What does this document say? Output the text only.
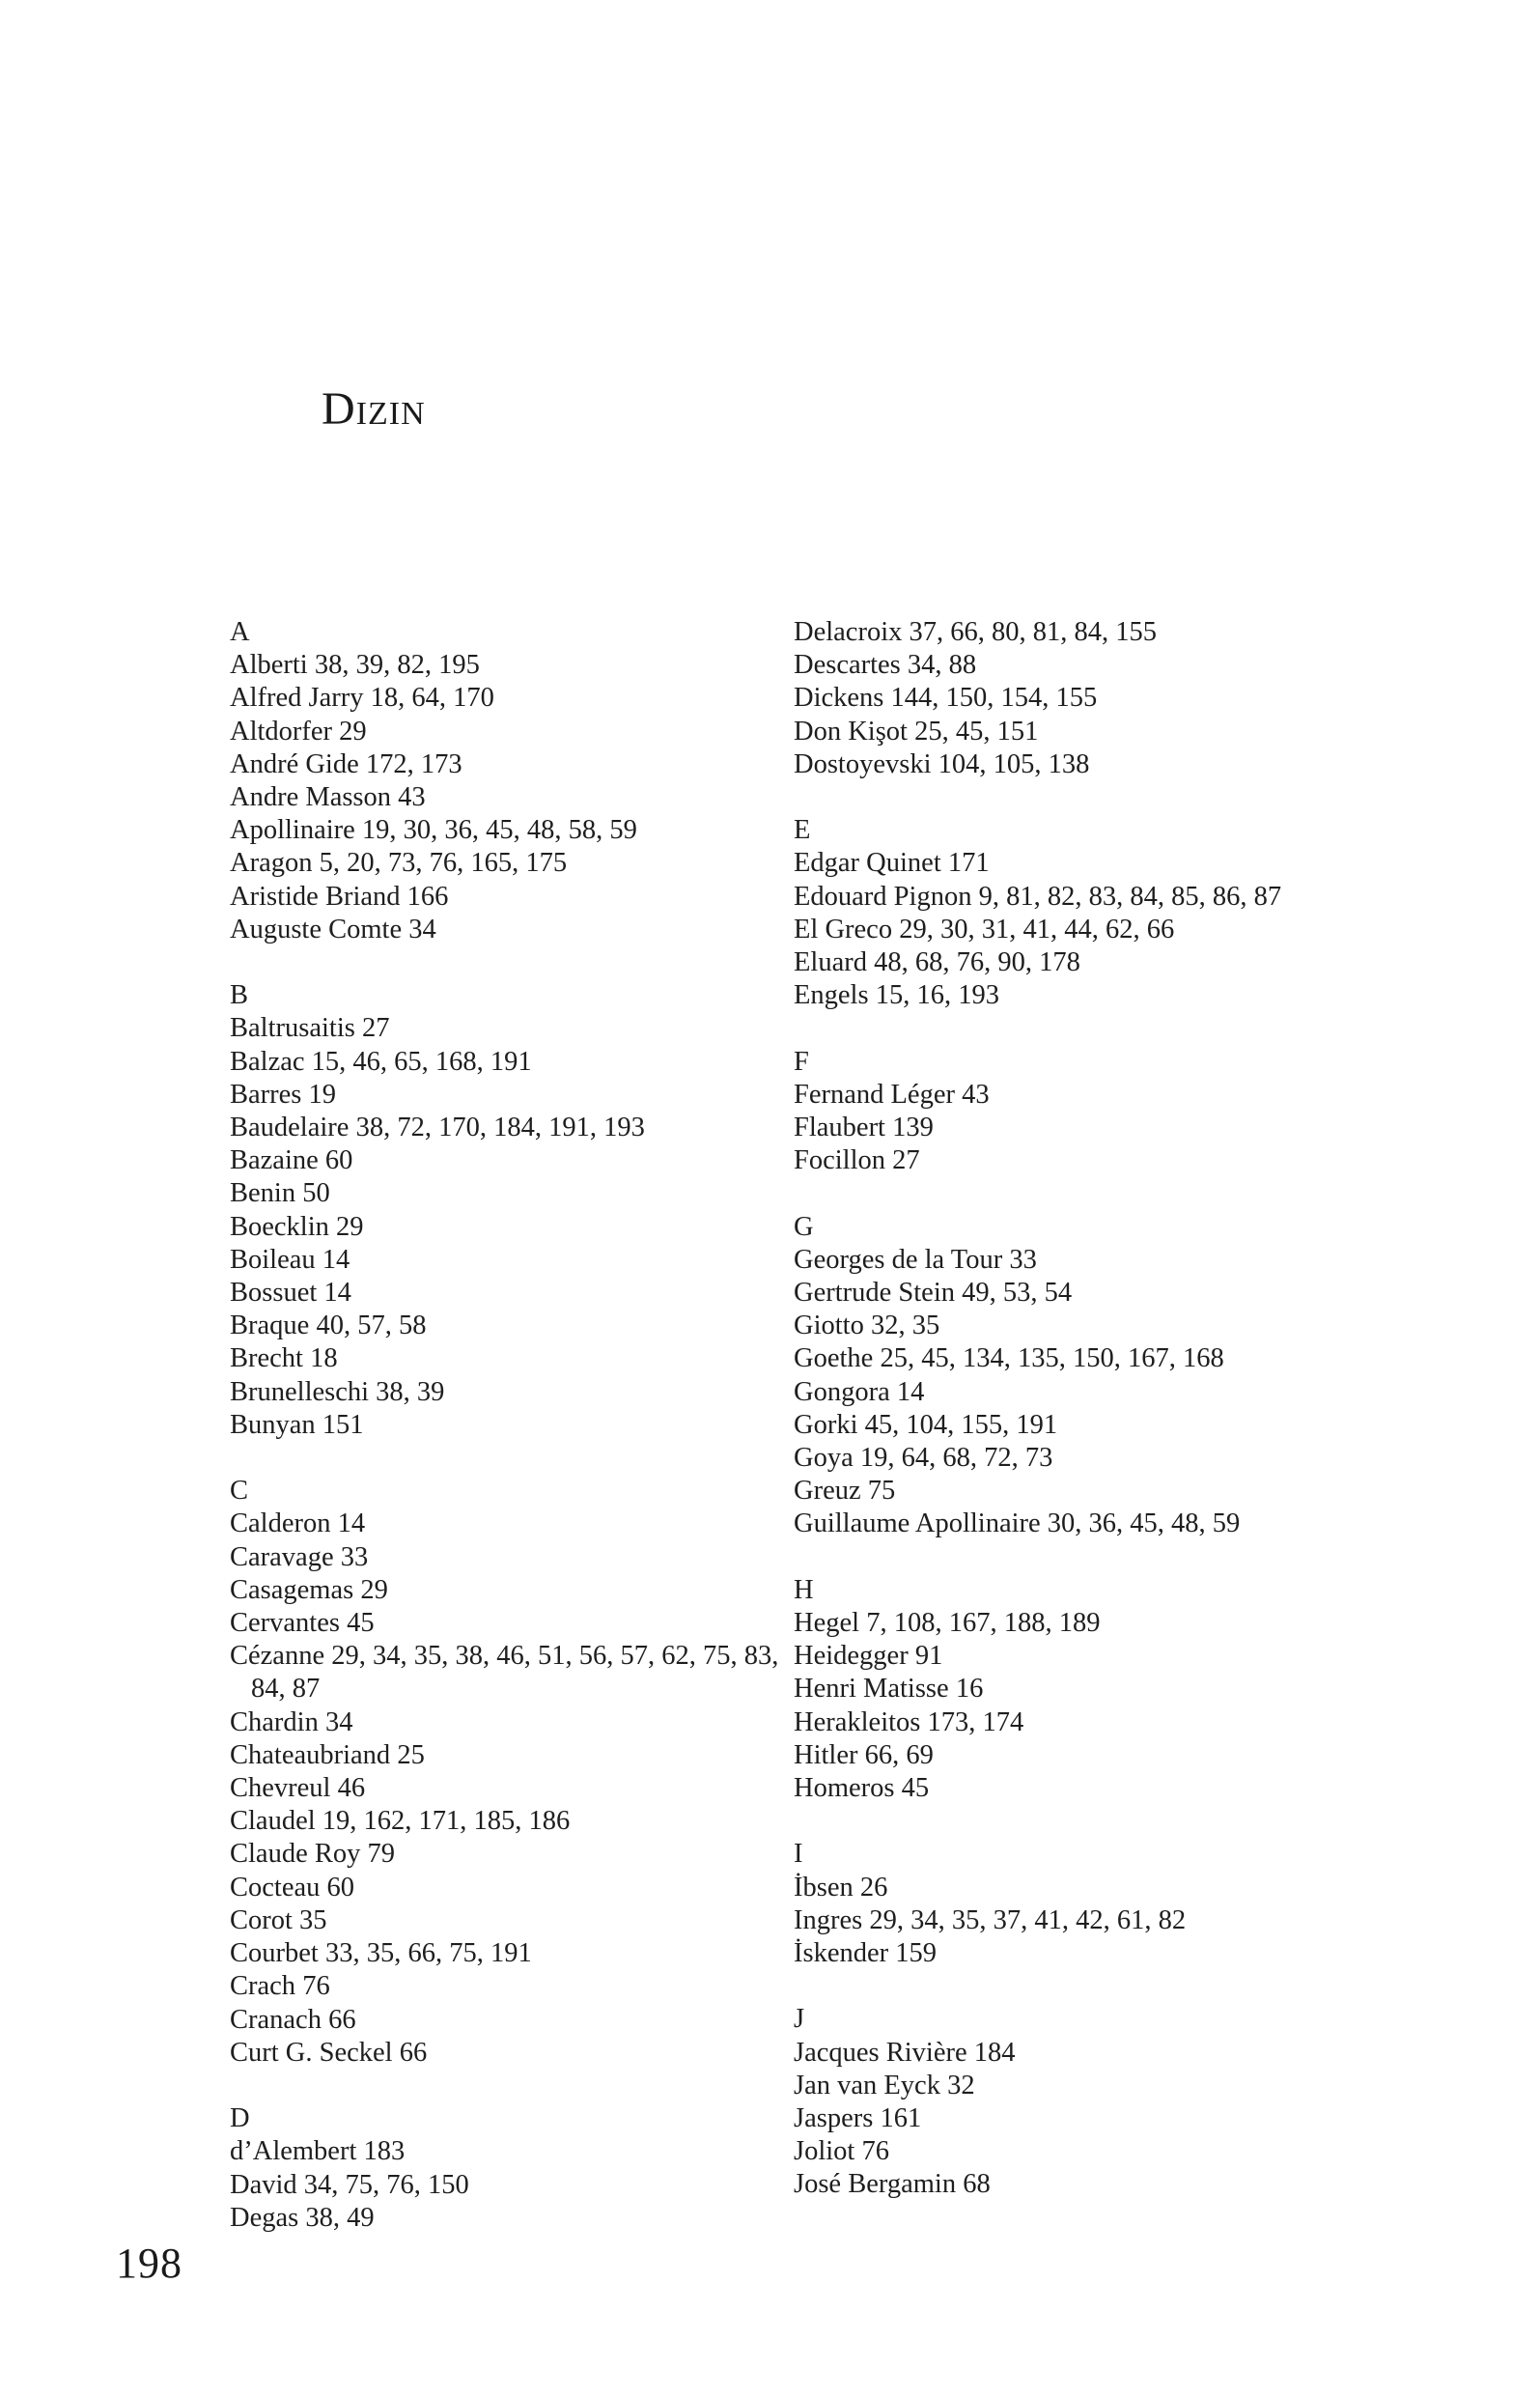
Dizin
A
Alberti 38, 39, 82, 195
Alfred Jarry 18, 64, 170
Altdorfer 29
André Gide 172, 173
Andre Masson 43
Apollinaire 19, 30, 36, 45, 48, 58, 59
Aragon 5, 20, 73, 76, 165, 175
Aristide Briand 166
Auguste Comte 34
B
Baltrusaitis 27
Balzac 15, 46, 65, 168, 191
Barres 19
Baudelaire 38, 72, 170, 184, 191, 193
Bazaine 60
Benin 50
Boecklin 29
Boileau 14
Bossuet 14
Braque 40, 57, 58
Brecht 18
Brunelleschi 38, 39
Bunyan 151
C
Calderon 14
Caravage 33
Casagemas 29
Cervantes 45
Cézanne 29, 34, 35, 38, 46, 51, 56, 57, 62, 75, 83, 84, 87
Chardin 34
Chateaubriand 25
Chevreul 46
Claudel 19, 162, 171, 185, 186
Claude Roy 79
Cocteau 60
Corot 35
Courbet 33, 35, 66, 75, 191
Crach 76
Cranach 66
Curt G. Seckel 66
D
d’Alembert 183
David 34, 75, 76, 150
Degas 38, 49
Delacroix 37, 66, 80, 81, 84, 155
Descartes 34, 88
Dickens 144, 150, 154, 155
Don Kişot 25, 45, 151
Dostoyevski 104, 105, 138
E
Edgar Quinet 171
Edouard Pignon 9, 81, 82, 83, 84, 85, 86, 87
El Greco 29, 30, 31, 41, 44, 62, 66
Eluard 48, 68, 76, 90, 178
Engels 15, 16, 193
F
Fernand Léger 43
Flaubert 139
Focillon 27
G
Georges de la Tour 33
Gertrude Stein 49, 53, 54
Giotto 32, 35
Goethe 25, 45, 134, 135, 150, 167, 168
Gongora 14
Gorki 45, 104, 155, 191
Goya 19, 64, 68, 72, 73
Greuz 75
Guillaume Apollinaire 30, 36, 45, 48, 59
H
Hegel 7, 108, 167, 188, 189
Heidegger 91
Henri Matisse 16
Herakleitos 173, 174
Hitler 66, 69
Homeros 45
I
İbsen 26
Ingres 29, 34, 35, 37, 41, 42, 61, 82
İskender 159
J
Jacques Rivière 184
Jan van Eyck 32
Jaspers 161
Joliot 76
José Bergamin 68
198
